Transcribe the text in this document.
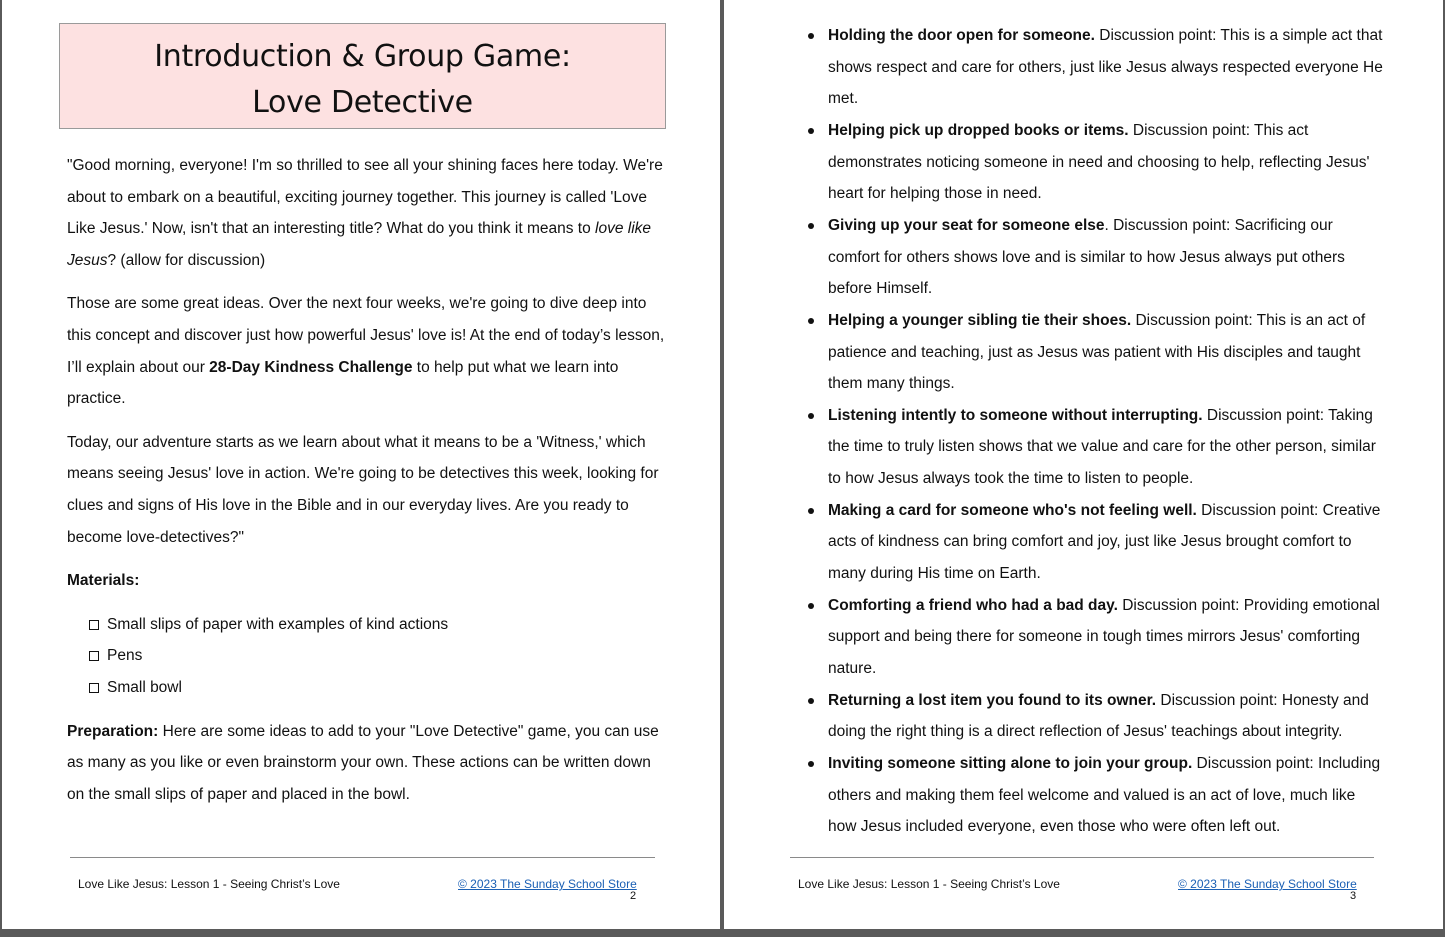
Introduction & Group Game:
Love Detective

"Good morning, everyone! I'm so thrilled to see all your shining faces here today. We're about to embark on a beautiful, exciting journey together. This journey is called 'Love Like Jesus.' Now, isn't that an interesting title? What do you think it means to love like Jesus? (allow for discussion)

Those are some great ideas. Over the next four weeks, we're going to dive deep into this concept and discover just how powerful Jesus' love is! At the end of today’s lesson, I’ll explain about our 28-Day Kindness Challenge to help put what we learn into practice.

Today, our adventure starts as we learn about what it means to be a 'Witness,' which means seeing Jesus' love in action. We're going to be detectives this week, looking for clues and signs of His love in the Bible and in our everyday lives. Are you ready to become love-detectives?"

Materials:

Small slips of paper with examples of kind actions
Pens
Small bowl

Preparation: Here are some ideas to add to your "Love Detective" game, you can use as many as you like or even brainstorm your own. These actions can be written down on the small slips of paper and placed in the bowl.

Love Like Jesus: Lesson 1 - Seeing Christ’s Love	© 2023 The Sunday School Store
2
Holding the door open for someone. Discussion point: This is a simple act that shows respect and care for others, just like Jesus always respected everyone He met.
Helping pick up dropped books or items. Discussion point: This act demonstrates noticing someone in need and choosing to help, reflecting Jesus' heart for helping those in need.
Giving up your seat for someone else. Discussion point: Sacrificing our comfort for others shows love and is similar to how Jesus always put others before Himself.
Helping a younger sibling tie their shoes. Discussion point: This is an act of patience and teaching, just as Jesus was patient with His disciples and taught them many things.
Listening intently to someone without interrupting. Discussion point: Taking the time to truly listen shows that we value and care for the other person, similar to how Jesus always took the time to listen to people.
Making a card for someone who's not feeling well. Discussion point: Creative acts of kindness can bring comfort and joy, just like Jesus brought comfort to many during His time on Earth.
Comforting a friend who had a bad day. Discussion point: Providing emotional support and being there for someone in tough times mirrors Jesus' comforting nature.
Returning a lost item you found to its owner. Discussion point: Honesty and doing the right thing is a direct reflection of Jesus' teachings about integrity.
Inviting someone sitting alone to join your group. Discussion point: Including others and making them feel welcome and valued is an act of love, much like how Jesus included everyone, even those who were often left out.
Love Like Jesus: Lesson 1 - Seeing Christ’s Love	© 2023 The Sunday School Store
3
